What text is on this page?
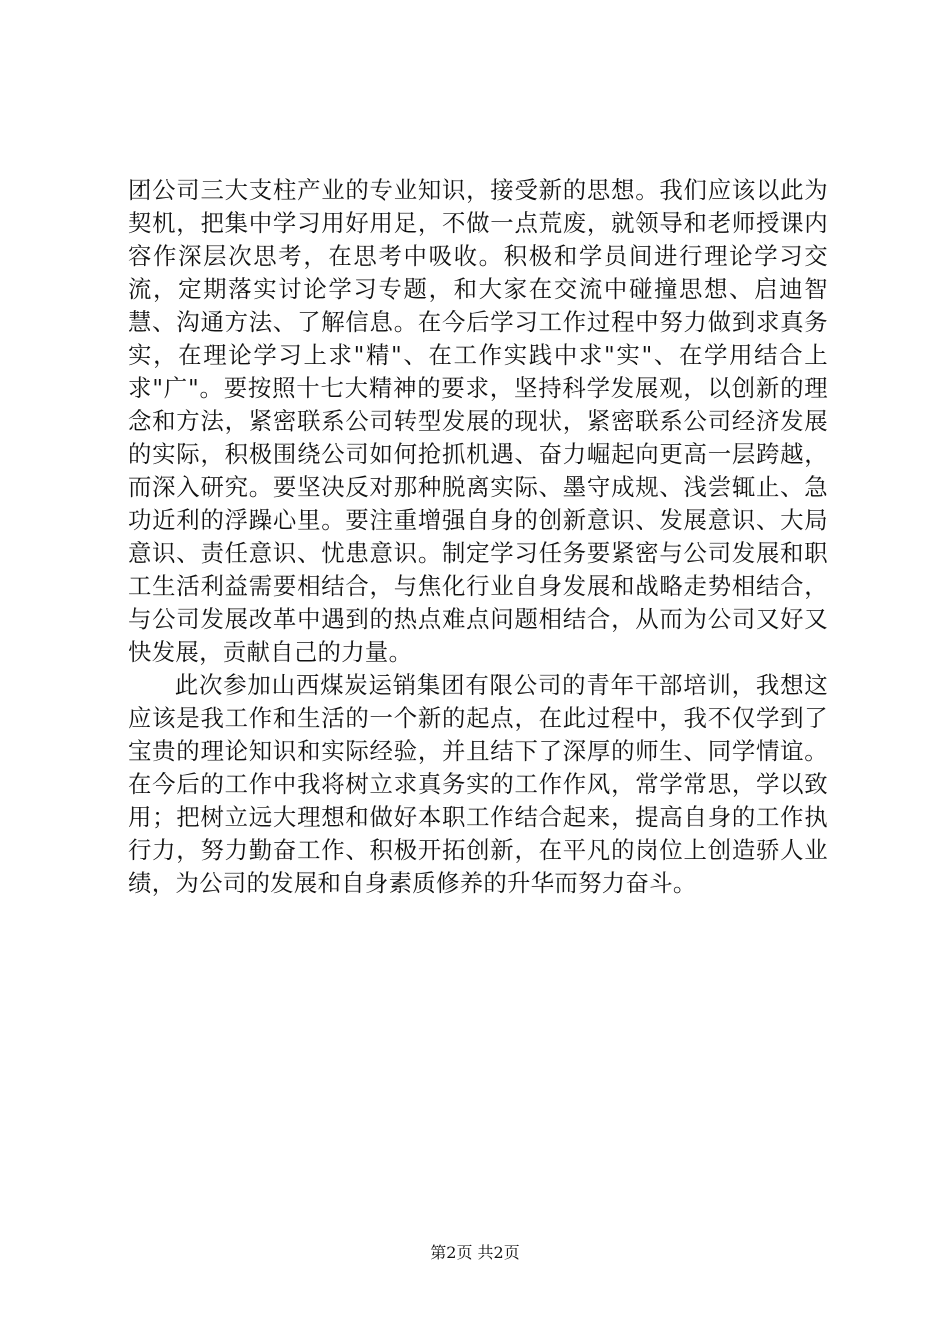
团公司三大支柱产业的专业知识，接受新的思想。我们应该以此为契机，把集中学习用好用足，不做一点荒废，就领导和老师授课内容作深层次思考，在思考中吸收。积极和学员间进行理论学习交流，定期落实讨论学习专题，和大家在交流中碰撞思想、启迪智慧、沟通方法、了解信息。在今后学习工作过程中努力做到求真务实，在理论学习上求"精"、在工作实践中求"实"、在学用结合上求"广"。要按照十七大精神的要求，坚持科学发展观，以创新的理念和方法，紧密联系公司转型发展的现状，紧密联系公司经济发展的实际，积极围绕公司如何抢抓机遇、奋力崛起向更高一层跨越，而深入研究。要坚决反对那种脱离实际、墨守成规、浅尝辄止、急功近利的浮躁心里。要注重增强自身的创新意识、发展意识、大局意识、责任意识、忧患意识。制定学习任务要紧密与公司发展和职工生活利益需要相结合，与焦化行业自身发展和战略走势相结合，与公司发展改革中遇到的热点难点问题相结合，从而为公司又好又快发展，贡献自己的力量。

此次参加山西煤炭运销集团有限公司的青年干部培训，我想这应该是我工作和生活的一个新的起点，在此过程中，我不仅学到了宝贵的理论知识和实际经验，并且结下了深厚的师生、同学情谊。在今后的工作中我将树立求真务实的工作作风，常学常思，学以致用；把树立远大理想和做好本职工作结合起来，提高自身的工作执行力，努力勤奋工作、积极开拓创新，在平凡的岗位上创造骄人业绩，为公司的发展和自身素质修养的升华而努力奋斗。

第2页 共2页
